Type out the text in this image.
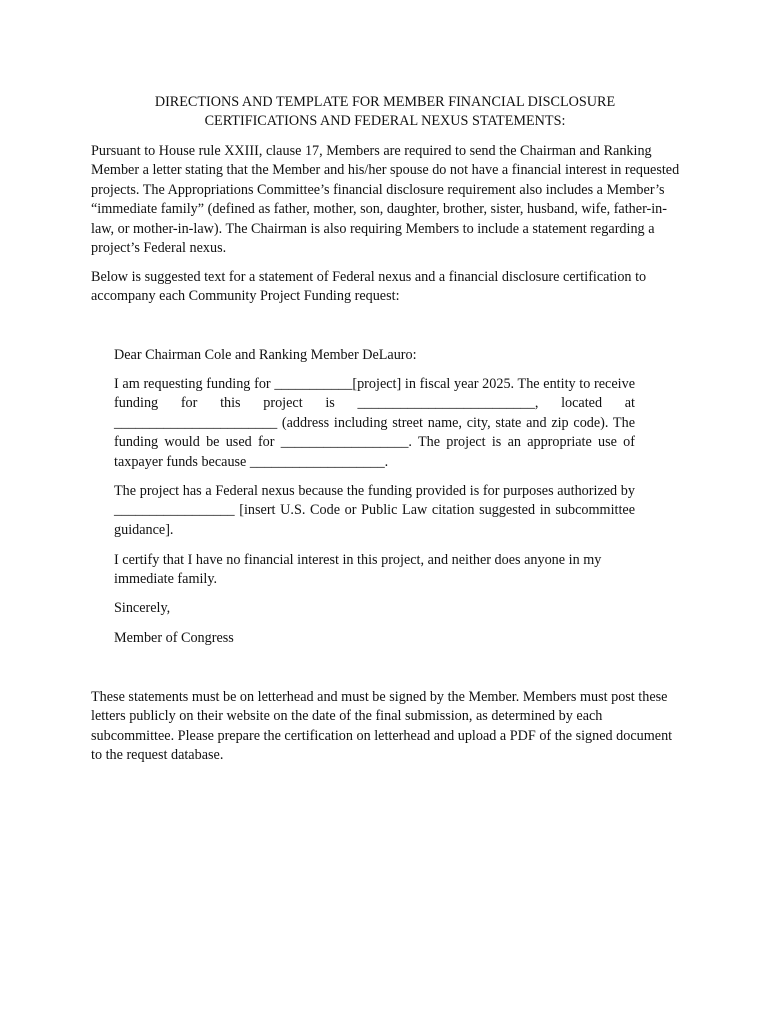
DIRECTIONS AND TEMPLATE FOR MEMBER FINANCIAL DISCLOSURE
CERTIFICATIONS AND FEDERAL NEXUS STATEMENTS:

Pursuant to House rule XXIII, clause 17, Members are required to send the Chairman and Ranking Member a letter stating that the Member and his/her spouse do not have a financial interest in requested projects. The Appropriations Committee’s financial disclosure requirement also includes a Member’s “immediate family” (defined as father, mother, son, daughter, brother, sister, husband, wife, father-in-law, or mother-in-law). The Chairman is also requiring Members to include a statement regarding a project’s Federal nexus.

Below is suggested text for a statement of Federal nexus and a financial disclosure certification to accompany each Community Project Funding request:

Dear Chairman Cole and Ranking Member DeLauro:

I am requesting funding for ___________[project] in fiscal year 2025. The entity to receive funding for this project is _________________________, located at _______________________ (address including street name, city, state and zip code). The funding would be used for __________________. The project is an appropriate use of taxpayer funds because ___________________.

The project has a Federal nexus because the funding provided is for purposes authorized by _________________ [insert U.S. Code or Public Law citation suggested in subcommittee guidance].

I certify that I have no financial interest in this project, and neither does anyone in my immediate family.

Sincerely,

Member of Congress

These statements must be on letterhead and must be signed by the Member. Members must post these letters publicly on their website on the date of the final submission, as determined by each subcommittee. Please prepare the certification on letterhead and upload a PDF of the signed document to the request database.
